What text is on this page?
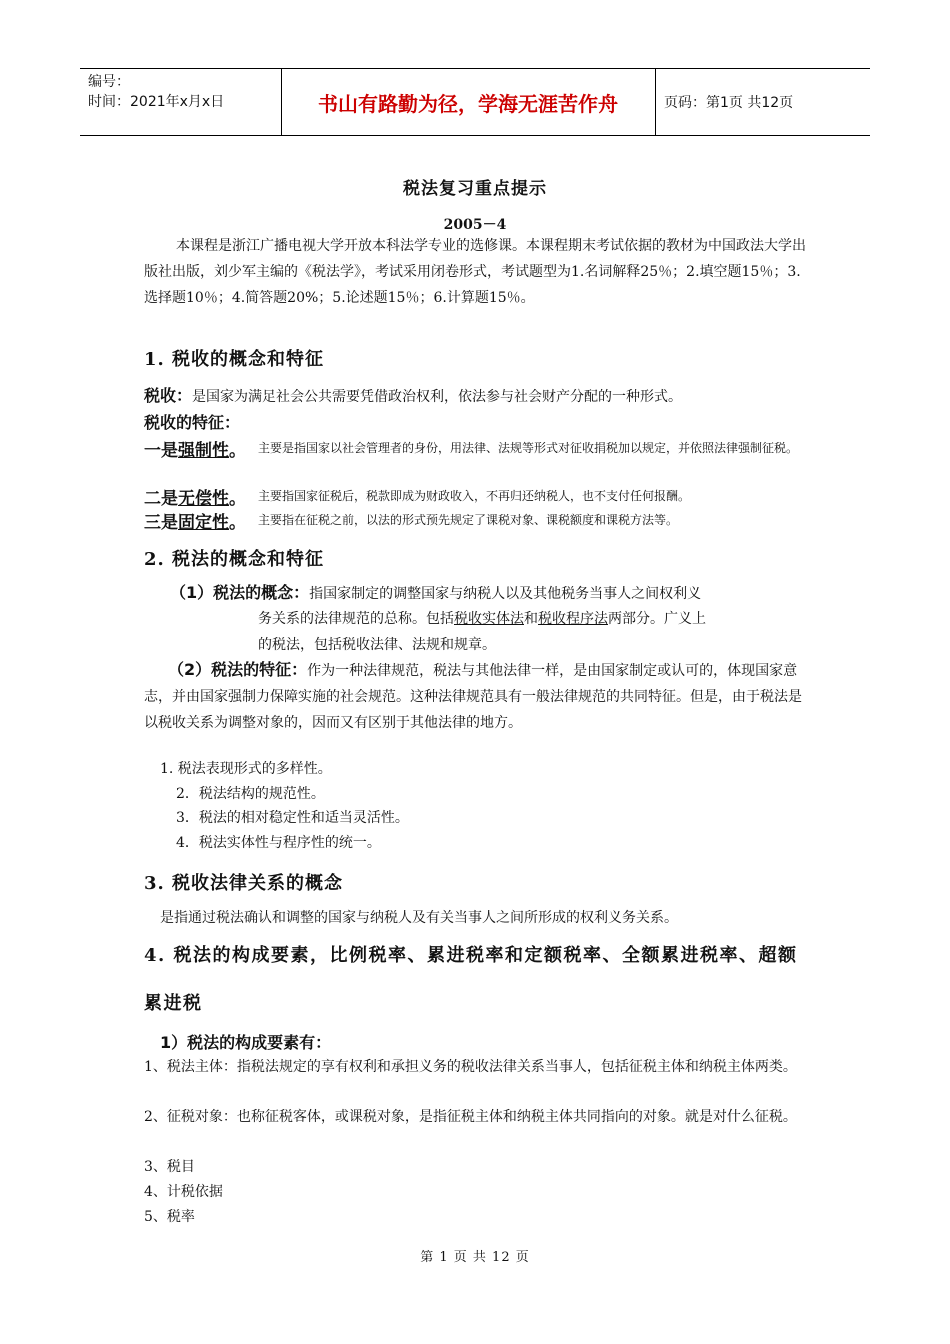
编号：
时间：2021年x月x日	书山有路勤为径，学海无涯苦作舟	页码：第1页 共12页
税法复习重点提示
2005－4
本课程是浙江广播电视大学开放本科法学专业的选修课。本课程期末考试依据的教材为中国政法大学出版社出版，刘少军主编的《税法学》，考试采用闭卷形式，考试题型为1.名词解释25％；2.填空题15％；3.选择题10％；4.简答题20%；5.论述题15％；6.计算题15％。
1. 税收的概念和特征
税收：是国家为满足社会公共需要凭借政治权利，依法参与社会财产分配的一种形式。
税收的特征：
一是强制性。 主要是指国家以社会管理者的身份，用法律、法规等形式对征收捐税加以规定，并依照法律强制征税。
二是无偿性。 主要指国家征税后，税款即成为财政收入，不再归还纳税人，也不支付任何报酬。
三是固定性。 主要指在征税之前，以法的形式预先规定了课税对象、课税额度和课税方法等。
2. 税法的概念和特征
（1）税法的概念：指国家制定的调整国家与纳税人以及其他税务当事人之间权利义
务关系的法律规范的总称。包括税收实体法和税收程序法两部分。广义上
的税法，包括税收法律、法规和规章。
（2）税法的特征：作为一种法律规范，税法与其他法律一样，是由国家制定或认可的，体现国家意志，并由国家强制力保障实施的社会规范。这种法律规范具有一般法律规范的共同特征。但是，由于税法是以税收关系为调整对象的，因而又有区别于其他法律的地方。
1. 税法表现形式的多样性。
2．税法结构的规范性。
3．税法的相对稳定性和适当灵活性。
4．税法实体性与程序性的统一。
3. 税收法律关系的概念
是指通过税法确认和调整的国家与纳税人及有关当事人之间所形成的权利义务关系。
4. 税法的构成要素，比例税率、累进税率和定额税率、全额累进税率、超额累进税
1）税法的构成要素有：
1、税法主体：指税法规定的享有权利和承担义务的税收法律关系当事人，包括征税主体和纳税主体两类。
2、征税对象：也称征税客体，或课税对象，是指征税主体和纳税主体共同指向的对象。就是对什么征税。
3、税目
4、计税依据
5、税率
第 1 页 共 12 页
